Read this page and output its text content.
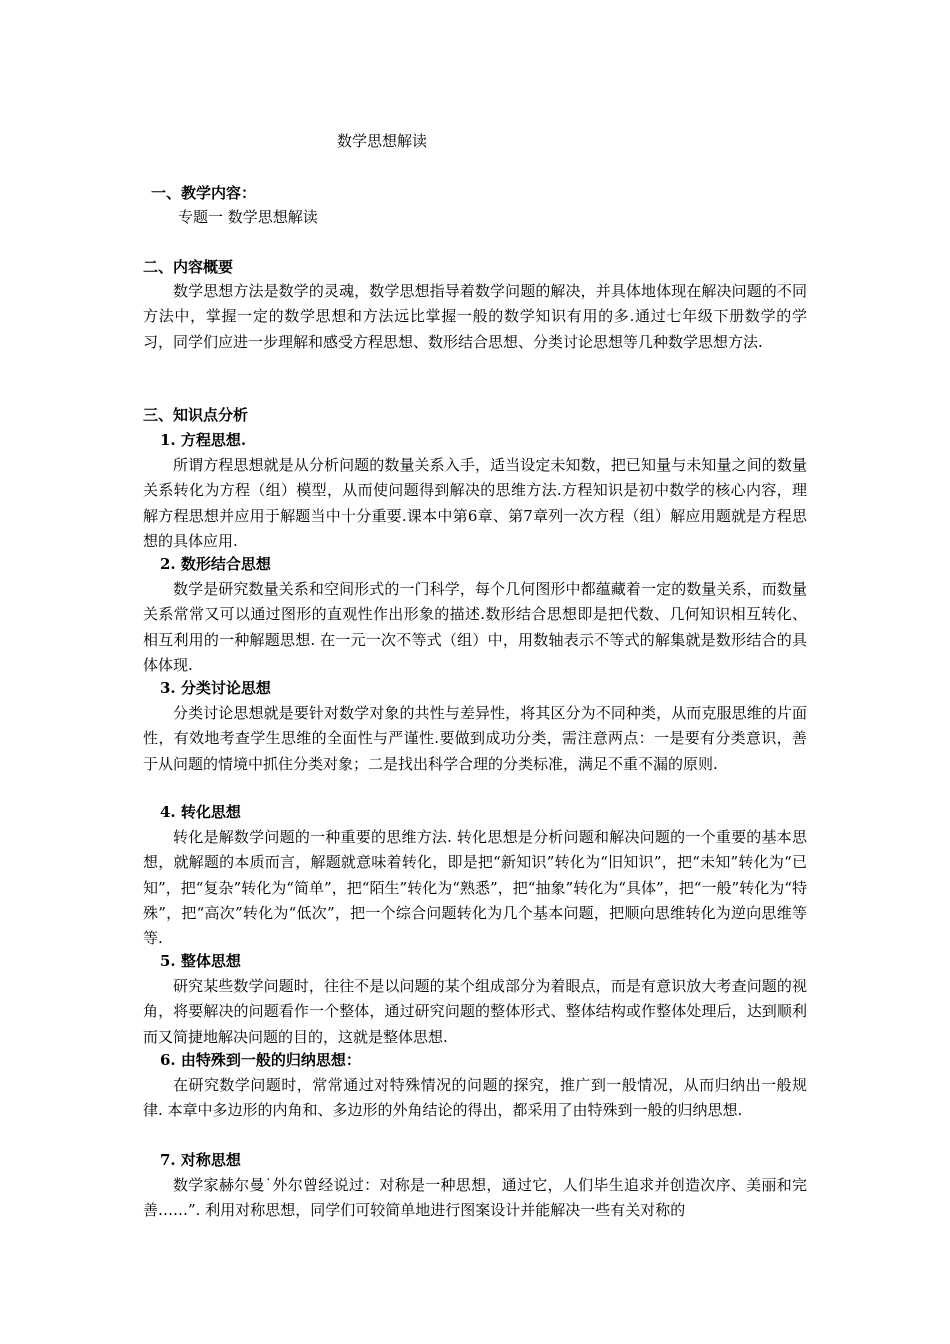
数学思想解读
一、教学内容：
专题一 数学思想解读
二、内容概要

数学思想方法是数学的灵魂，数学思想指导着数学问题的解决，并具体地体现在解决问题的不同方法中，掌握一定的数学思想和方法远比掌握一般的数学知识有用的多.通过七年级下册数学的学习，同学们应进一步理解和感受方程思想、数形结合思想、分类讨论思想等几种数学思想方法.

三、知识点分析
1. 方程思想.

所谓方程思想就是从分析问题的数量关系入手，适当设定未知数，把已知量与未知量之间的数量关系转化为方程（组）模型，从而使问题得到解决的思维方法.方程知识是初中数学的核心内容，理解方程思想并应用于解题当中十分重要.课本中第6章、第7章列一次方程（组）解应用题就是方程思想的具体应用.

2. 数形结合思想

数学是研究数量关系和空间形式的一门科学，每个几何图形中都蕴藏着一定的数量关系，而数量关系常常又可以通过图形的直观性作出形象的描述.数形结合思想即是把代数、几何知识相互转化、相互利用的一种解题思想. 在一元一次不等式（组）中，用数轴表示不等式的解集就是数形结合的具体体现.

3. 分类讨论思想

分类讨论思想就是要针对数学对象的共性与差异性，将其区分为不同种类，从而克服思维的片面性，有效地考查学生思维的全面性与严谨性.要做到成功分类，需注意两点：一是要有分类意识，善于从问题的情境中抓住分类对象；二是找出科学合理的分类标准，满足不重不漏的原则.

4. 转化思想

转化是解数学问题的一种重要的思维方法. 转化思想是分析问题和解决问题的一个重要的基本思想，就解题的本质而言，解题就意味着转化，即是把“新知识”转化为“旧知识”，把“未知”转化为“已知”，把“复杂”转化为“简单”，把“陌生”转化为“熟悉”，把“抽象”转化为“具体”，把“一般”转化为“特殊”，把“高次”转化为“低次”，把一个综合问题转化为几个基本问题，把顺向思维转化为逆向思维等等.

5. 整体思想

研究某些数学问题时，往往不是以问题的某个组成部分为着眼点，而是有意识放大考查问题的视角，将要解决的问题看作一个整体，通过研究问题的整体形式、整体结构或作整体处理后，达到顺利而又简捷地解决问题的目的，这就是整体思想.

6. 由特殊到一般的归纳思想：

在研究数学问题时，常常通过对特殊情况的问题的探究，推广到一般情况，从而归纳出一般规律. 本章中多边形的内角和、多边形的外角结论的得出，都采用了由特殊到一般的归纳思想.

7. 对称思想

数学家赫尔曼˙外尔曾经说过：对称是一种思想，通过它，人们毕生追求并创造次序、美丽和完善……”. 利用对称思想，同学们可较简单地进行图案设计并能解决一些有关对称的
